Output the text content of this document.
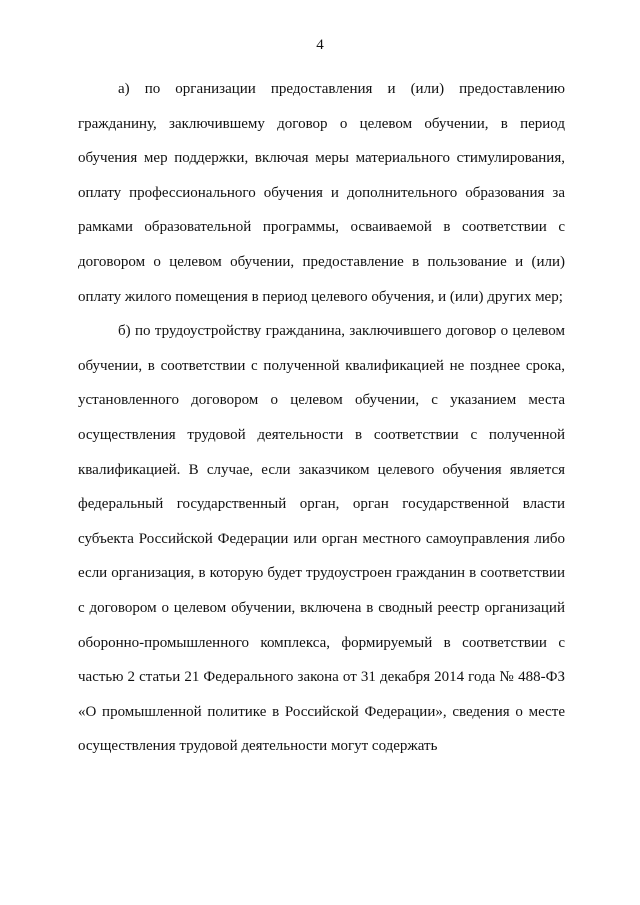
4

а) по организации предоставления и (или) предоставлению гражданину, заключившему договор о целевом обучении, в период обучения мер поддержки, включая меры материального стимулирования, оплату профессионального обучения и дополнительного образования за рамками образовательной программы, осваиваемой в соответствии с договором о целевом обучении, предоставление в пользование и (или) оплату жилого помещения в период целевого обучения, и (или) других мер;

б) по трудоустройству гражданина, заключившего договор о целевом обучении, в соответствии с полученной квалификацией не позднее срока, установленного договором о целевом обучении, с указанием места осуществления трудовой деятельности в соответствии с полученной квалификацией. В случае, если заказчиком целевого обучения является федеральный государственный орган, орган государственной власти субъекта Российской Федерации или орган местного самоуправления либо если организация, в которую будет трудоустроен гражданин в соответствии с договором о целевом обучении, включена в сводный реестр организаций оборонно-промышленного комплекса, формируемый в соответствии с частью 2 статьи 21 Федерального закона от 31 декабря 2014 года № 488-ФЗ «О промышленной политике в Российской Федерации», сведения о месте осуществления трудовой деятельности могут содержать
